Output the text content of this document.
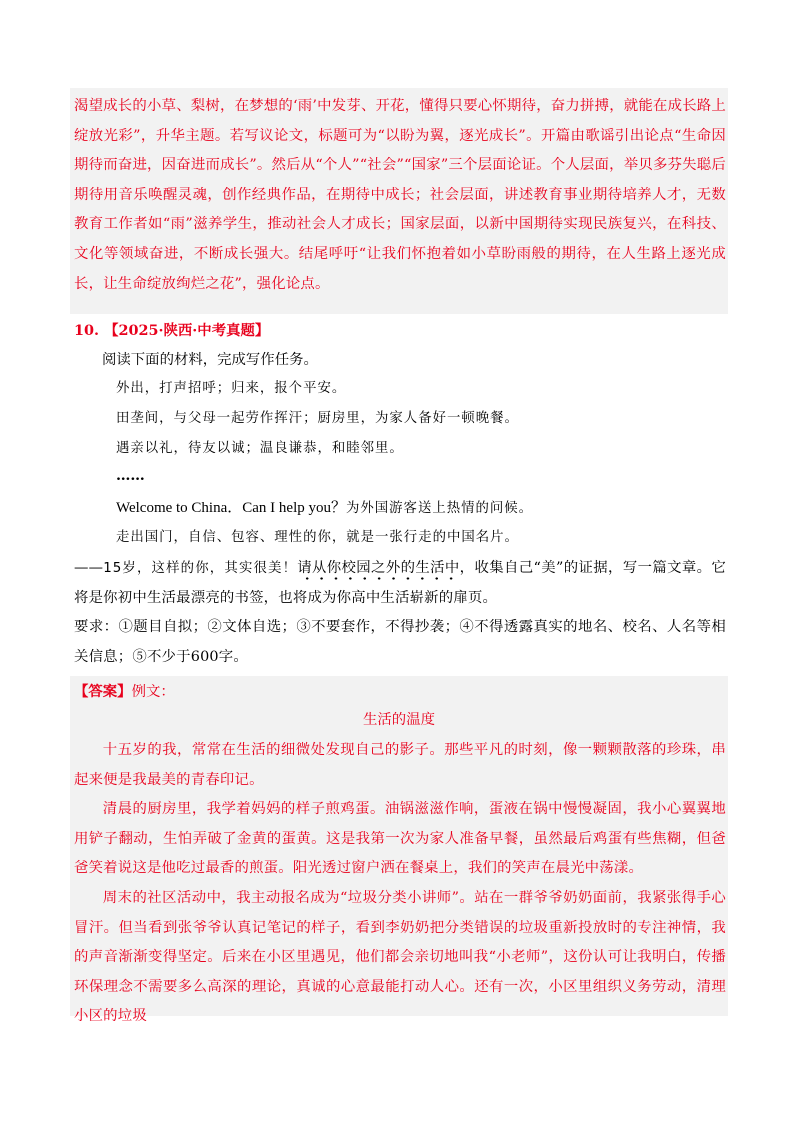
渴望成长的小草、梨树，在梦想的‘雨’中发芽、开花，懂得只要心怀期待，奋力拼搏，就能在成长路上绽放光彩”，升华主题。若写议论文，标题可为“以盼为翼，逐光成长”。开篇由歌谣引出论点“生命因期待而奋进，因奋进而成长”。然后从“个人”“社会”“国家”三个层面论证。个人层面，举贝多芬失聪后期待用音乐唤醒灵魂，创作经典作品，在期待中成长；社会层面，讲述教育事业期待培养人才，无数教育工作者如“雨”滋养学生，推动社会人才成长；国家层面，以新中国期待实现民族复兴，在科技、文化等领域奋进，不断成长强大。结尾呼吁“让我们怀抱着如小草盼雨般的期待，在人生路上逐光成长，让生命绽放绚烂之花”，强化论点。

10. 【2025·陕西·中考真题】
阅读下面的材料，完成写作任务。
外出，打声招呼；归来，报个平安。
田垄间，与父母一起劳作挥汗；厨房里，为家人备好一顿晚餐。
遇亲以礼，待友以诚；温良谦恭，和睦邻里。
……
Welcome to China．Can I help you？为外国游客送上热情的问候。
走出国门，自信、包容、理性的你，就是一张行走的中国名片。

——15岁，这样的你，其实很美！请从你校园之外的生活中，收集自己“美”的证据，写一篇文章。它将是你初中生活最漂亮的书签，也将成为你高中生活崭新的扉页。

要求：①题目自拟；②文体自选；③不要套作，不得抄袭；④不得透露真实的地名、校名、人名等相关信息；⑤不少于600字。

【答案】例文：
生活的温度

十五岁的我，常常在生活的细微处发现自己的影子。那些平凡的时刻，像一颗颗散落的珍珠，串起来便是我最美的青春印记。

清晨的厨房里，我学着妈妈的样子煎鸡蛋。油锅滋滋作响，蛋液在锅中慢慢凝固，我小心翼翼地用铲子翻动，生怕弄破了金黄的蛋黄。这是我第一次为家人准备早餐，虽然最后鸡蛋有些焦糊，但爸爸笑着说这是他吃过最香的煎蛋。阳光透过窗户洒在餐桌上，我们的笑声在晨光中荡漾。

周末的社区活动中，我主动报名成为“垃圾分类小讲师”。站在一群爷爷奶奶面前，我紧张得手心冒汗。但当看到张爷爷认真记笔记的样子，看到李奶奶把分类错误的垃圾重新投放时的专注神情，我的声音渐渐变得坚定。后来在小区里遇见，他们都会亲切地叫我“小老师”，这份认可让我明白，传播环保理念不需要多么高深的理论，真诚的心意最能打动人心。还有一次，小区里组织义务劳动，清理小区的垃圾
